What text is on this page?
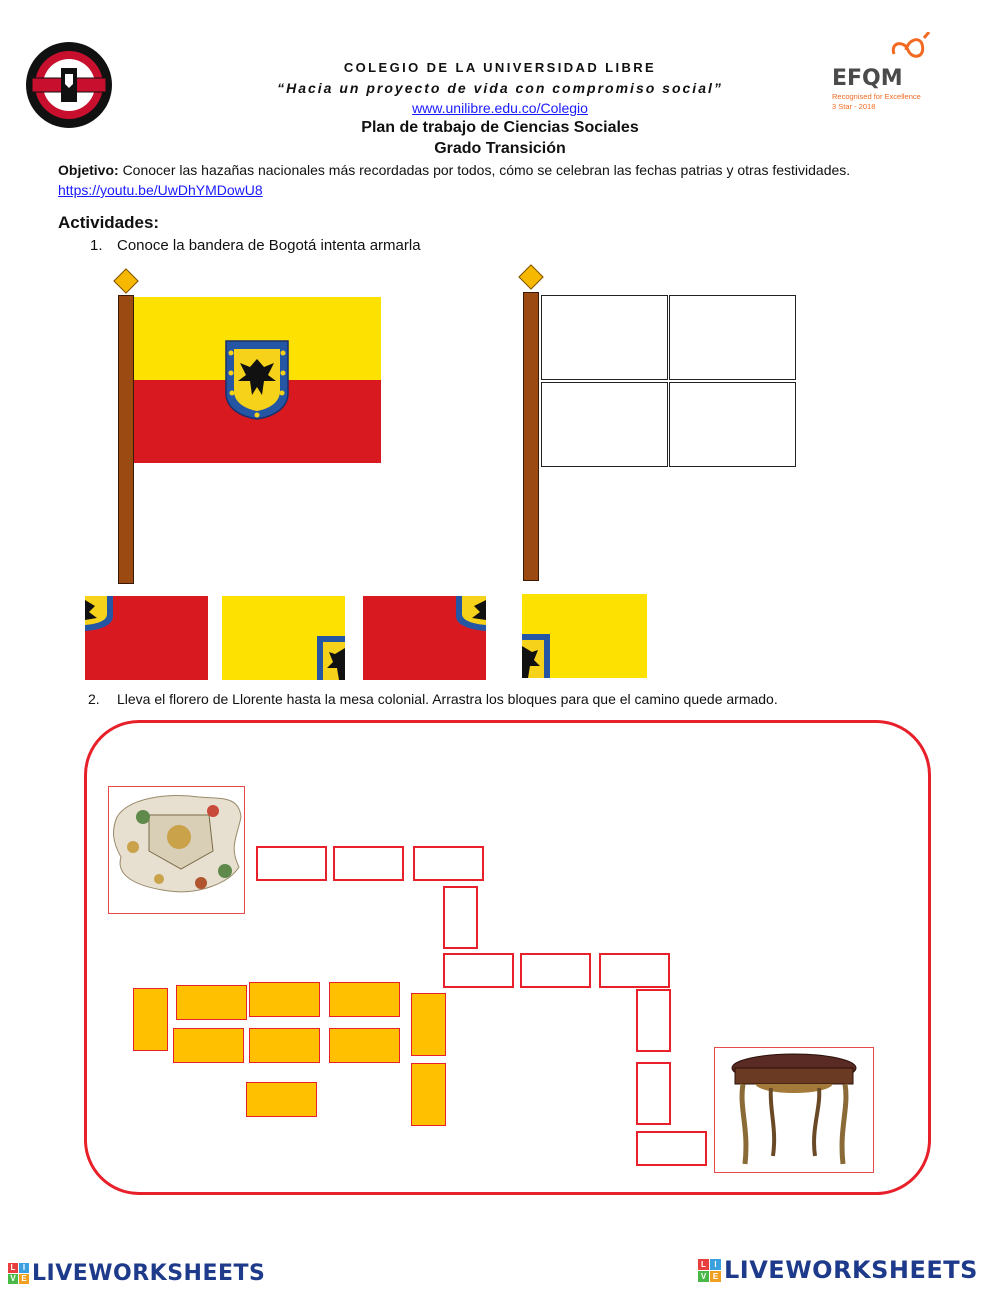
EFQM
Recognised for Excellence
3 Star - 2018
COLEGIO DE LA UNIVERSIDAD LIBRE
“Hacia un proyecto de vida con compromiso social”
www.unilibre.edu.co/Colegio
Plan de trabajo de Ciencias Sociales
Grado Transición
Objetivo: Conocer las hazañas nacionales más recordadas por todos, cómo se celebran las fechas patrias y otras festividades. https://youtu.be/UwDhYMDowU8
Actividades:
1. Conoce la bandera de Bogotá intenta armarla
2. Lleva el florero de Llorente hasta la mesa colonial. Arrastra los bloques para que el camino quede armado.
L I
V E LIVEWORKSHEETS	L	I
V E LIVEWORKSHEETS
